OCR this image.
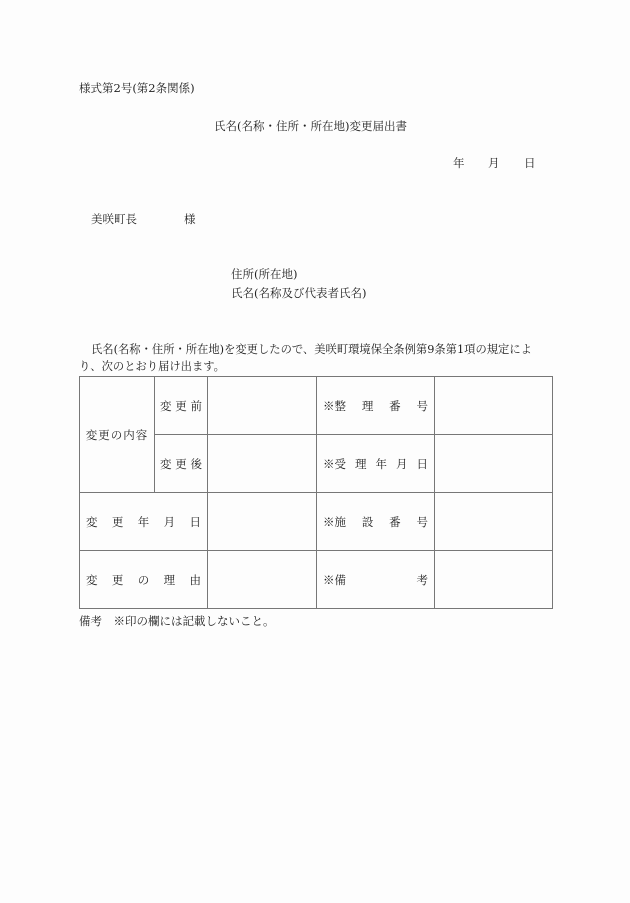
様式第2号(第2条関係)
氏名(名称・住所・所在地)変更届出書
年 月 日
美咲町長	様
住所(所在地)
氏名(名称及び代表者氏名)
氏名(名称・住所・所在地)を変更したので、美咲町環境保全条例第9条第1項の規定によ
り、次のとおり届け出ます。
変更の内容	変 更 前		※整 理 番 号	

	変 更 後		※受 理 年 月 日	

変 更 年 月 日			※施 設 番 号	

変 更 の 理 由			※備 考	

備考　※印の欄には記載しないこと。
